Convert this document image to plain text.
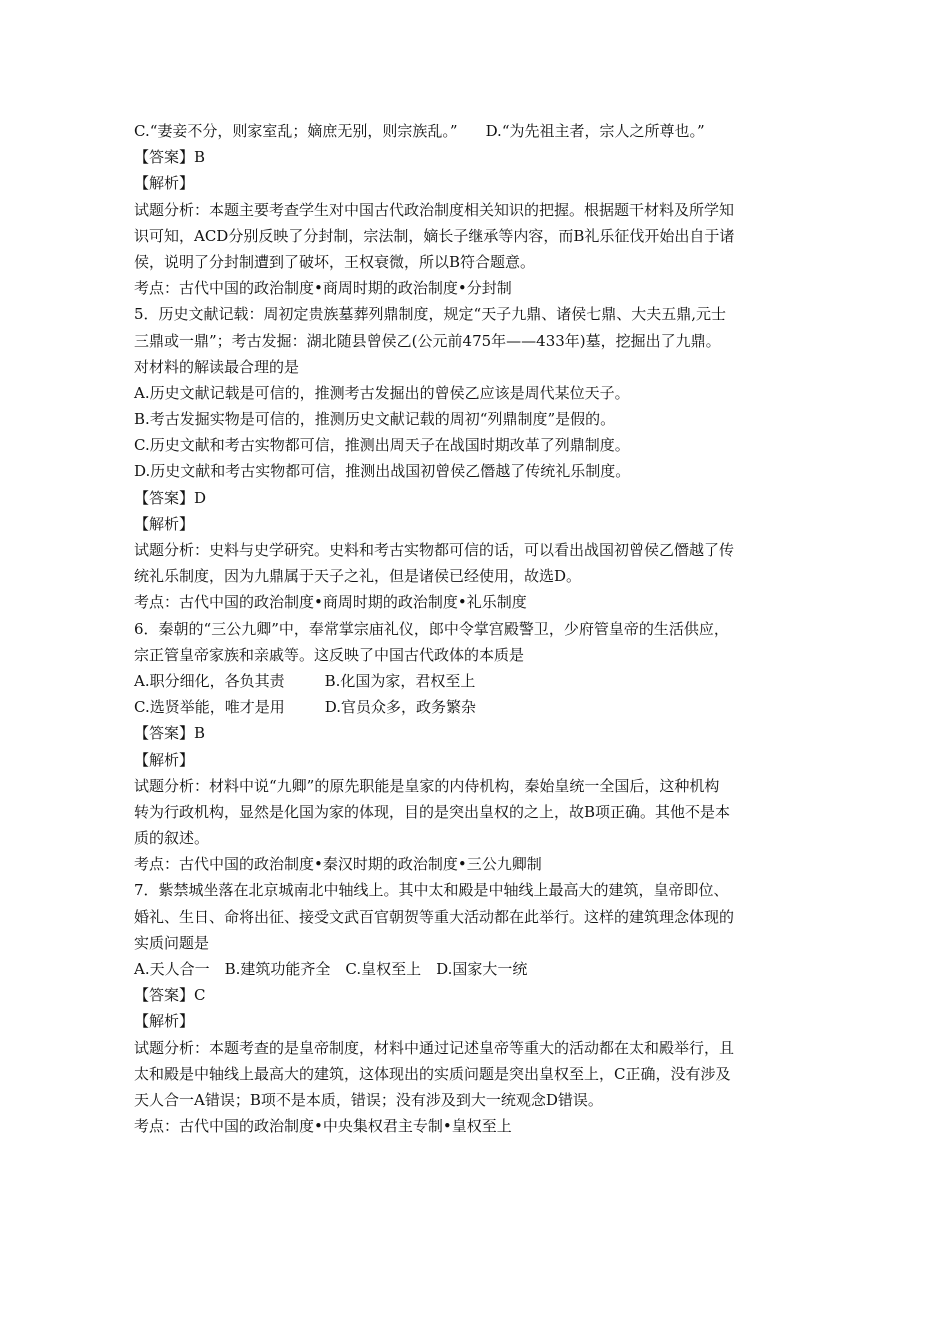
C.“妻妾不分，则家室乱；嫡庶无别，则宗族乱。” D.“为先祖主者，宗人之所尊也。”

【答案】B

【解析】

试题分析：本题主要考查学生对中国古代政治制度相关知识的把握。根据题干材料及所学知

识可知，ACD分别反映了分封制，宗法制，嫡长子继承等内容，而B礼乐征伐开始出自于诸

侯，说明了分封制遭到了破坏，王权衰微，所以B符合题意。

考点：古代中国的政治制度•商周时期的政治制度•分封制

5．历史文献记载：周初定贵族墓葬列鼎制度，规定“天子九鼎、诸侯七鼎、大夫五鼎,元士

三鼎或一鼎”；考古发掘：湖北随县曾侯乙(公元前475年——433年)墓，挖掘出了九鼎。

对材料的解读最合理的是

A.历史文献记载是可信的，推测考古发掘出的曾侯乙应该是周代某位天子。

B.考古发掘实物是可信的，推测历史文献记载的周初“列鼎制度”是假的。

C.历史文献和考古实物都可信，推测出周天子在战国时期改革了列鼎制度。

D.历史文献和考古实物都可信，推测出战国初曾侯乙僭越了传统礼乐制度。

【答案】D

【解析】

试题分析：史料与史学研究。史料和考古实物都可信的话，可以看出战国初曾侯乙僭越了传

统礼乐制度，因为九鼎属于天子之礼，但是诸侯已经使用，故选D。

考点：古代中国的政治制度•商周时期的政治制度•礼乐制度

6．秦朝的“三公九卿”中，奉常掌宗庙礼仪，郎中令掌宫殿警卫，少府管皇帝的生活供应，

宗正管皇帝家族和亲戚等。这反映了中国古代政体的本质是

A.职分细化，各负其责	B.化国为家，君权至上

C.选贤举能，唯才是用	D.官员众多，政务繁杂

【答案】B

【解析】

试题分析：材料中说“九卿”的原先职能是皇家的内侍机构，秦始皇统一全国后，这种机构

转为行政机构，显然是化国为家的体现，目的是突出皇权的之上，故B项正确。其他不是本

质的叙述。

考点：古代中国的政治制度•秦汉时期的政治制度•三公九卿制

7．紫禁城坐落在北京城南北中轴线上。其中太和殿是中轴线上最高大的建筑，皇帝即位、

婚礼、生日、命将出征、接受文武百官朝贺等重大活动都在此举行。这样的建筑理念体现的

实质问题是

A.天人合一　B.建筑功能齐全　C.皇权至上　D.国家大一统

【答案】C

【解析】

试题分析：本题考查的是皇帝制度，材料中通过记述皇帝等重大的活动都在太和殿举行，且

太和殿是中轴线上最高大的建筑，这体现出的实质问题是突出皇权至上，C正确，没有涉及

天人合一A错误；B项不是本质，错误；没有涉及到大一统观念D错误。

考点：古代中国的政治制度•中央集权君主专制•皇权至上
